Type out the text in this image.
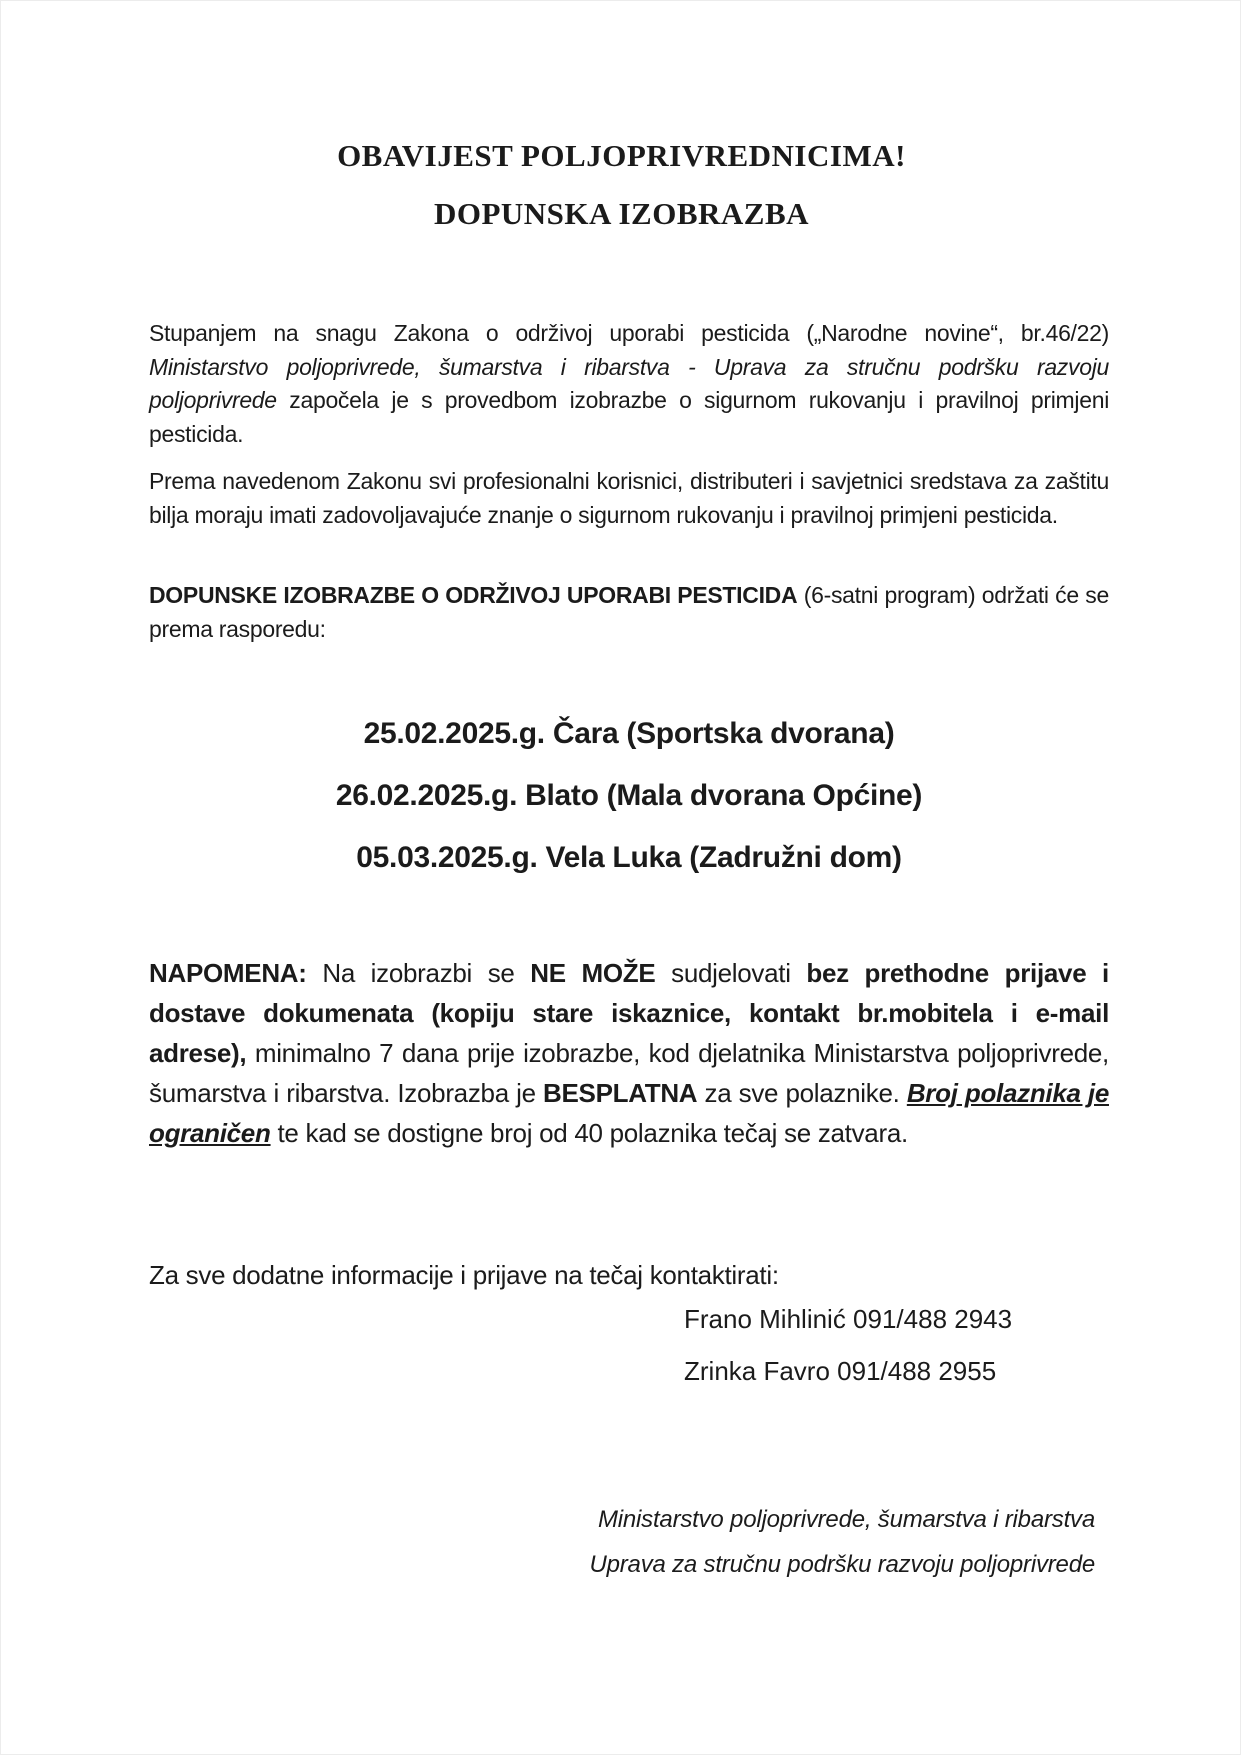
OBAVIJEST POLJOPRIVREDNICIMA!
DOPUNSKA IZOBRAZBA

Stupanjem na snagu Zakona o održivoj uporabi pesticida („Narodne novine“, br.46/22) Ministarstvo poljoprivrede, šumarstva i ribarstva - Uprava za stručnu podršku razvoju poljoprivrede započela je s provedbom izobrazbe o sigurnom rukovanju i pravilnoj primjeni pesticida.

Prema navedenom Zakonu svi profesionalni korisnici, distributeri i savjetnici sredstava za zaštitu bilja moraju imati zadovoljavajuće znanje o sigurnom rukovanju i pravilnoj primjeni pesticida.

DOPUNSKE IZOBRAZBE O ODRŽIVOJ UPORABI PESTICIDA (6-satni program) održati će se prema rasporedu:

25.02.2025.g. Čara (Sportska dvorana)
26.02.2025.g. Blato (Mala dvorana Općine)
05.03.2025.g. Vela Luka (Zadružni dom)

NAPOMENA: Na izobrazbi se NE MOŽE sudjelovati bez prethodne prijave i dostave dokumenata (kopiju stare iskaznice, kontakt br.mobitela i e-mail adrese), minimalno 7 dana prije izobrazbe, kod djelatnika Ministarstva poljoprivrede, šumarstva i ribarstva. Izobrazba je BESPLATNA za sve polaznike. Broj polaznika je ograničen te kad se dostigne broj od 40 polaznika tečaj se zatvara.

Za sve dodatne informacije i prijave na tečaj kontaktirati:
Frano Mihlinić 091/488 2943
Zrinka Favro 091/488 2955
Ministarstvo poljoprivrede, šumarstva i ribarstva
Uprava za stručnu podršku razvoju poljoprivrede
